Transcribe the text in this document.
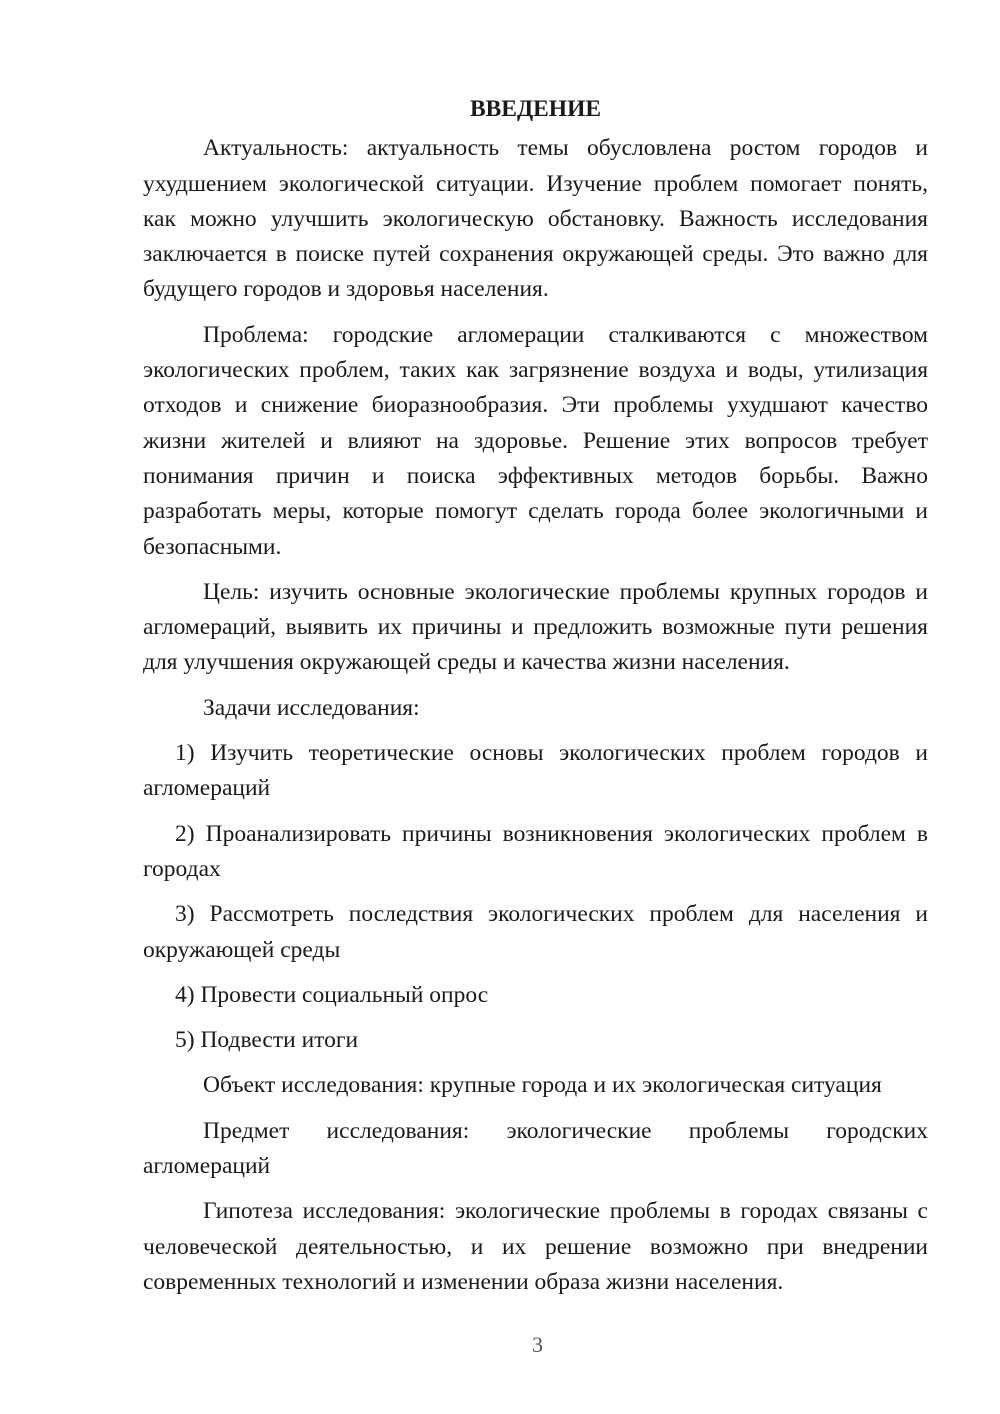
ВВЕДЕНИЕ

Актуальность: актуальность темы обусловлена ростом городов и ухудшением экологической ситуации. Изучение проблем помогает понять, как можно улучшить экологическую обстановку. Важность исследования заключается в поиске путей сохранения окружающей среды. Это важно для будущего городов и здоровья населения.

Проблема: городские агломерации сталкиваются с множеством экологических проблем, таких как загрязнение воздуха и воды, утилизация отходов и снижение биоразнообразия. Эти проблемы ухудшают качество жизни жителей и влияют на здоровье. Решение этих вопросов требует понимания причин и поиска эффективных методов борьбы. Важно разработать меры, которые помогут сделать города более экологичными и безопасными.

Цель: изучить основные экологические проблемы крупных городов и агломераций, выявить их причины и предложить возможные пути решения для улучшения окружающей среды и качества жизни населения.

Задачи исследования:

1) Изучить теоретические основы экологических проблем городов и агломераций

2) Проанализировать причины возникновения экологических проблем в городах

3) Рассмотреть последствия экологических проблем для населения и окружающей среды

4) Провести социальный опрос

5) Подвести итоги

Объект исследования: крупные города и их экологическая ситуация

Предмет исследования: экологические проблемы городских агломераций

Гипотеза исследования: экологические проблемы в городах связаны с человеческой деятельностью, и их решение возможно при внедрении современных технологий и изменении образа жизни населения.

3
